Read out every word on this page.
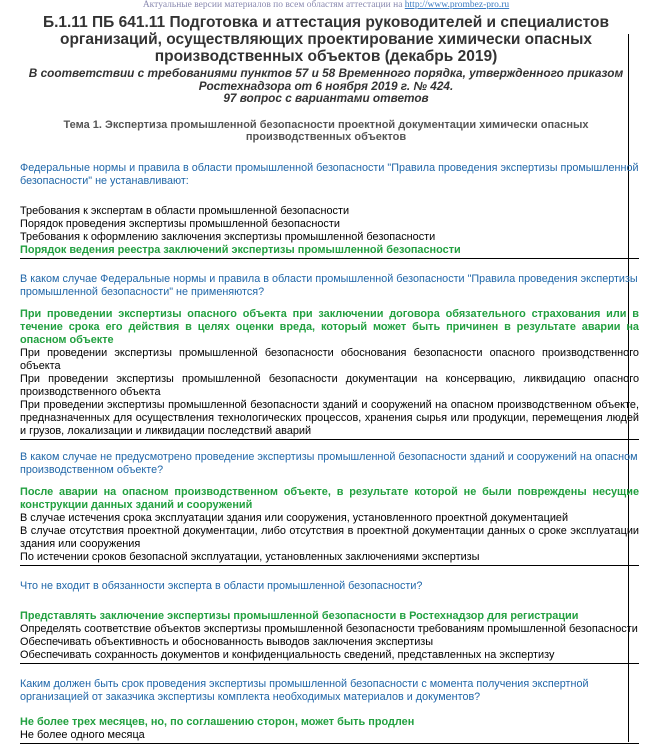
Актуальные версии материалов по всем областям аттестации на http://www.prombez-pro.ru
Б.1.11 ПБ 641.11 Подготовка и аттестация руководителей и специалистов организаций, осуществляющих проектирование химически опасных производственных объектов (декабрь 2019)
В соответствии с требованиями пунктов 57 и 58 Временного порядка, утвержденного приказом
Ростехнадзора от 6 ноября 2019 г. № 424.
97 вопрос с вариантами ответов
Тема 1. Экспертиза промышленной безопасности проектной документации химически опасных производственных объектов

Федеральные нормы и правила в области промышленной безопасности "Правила проведения экспертизы промышленной безопасности" не устанавливают:

Требования к экспертам в области промышленной безопасности
Порядок проведения экспертизы промышленной безопасности
Требования к оформлению заключения экспертизы промышленной безопасности
Порядок ведения реестра заключений экспертизы промышленной безопасности

В каком случае Федеральные нормы и правила в области промышленной безопасности "Правила проведения экспертизы промышленной безопасности" не применяются?

При проведении экспертизы опасного объекта при заключении договора обязательного страхования или в течение срока его действия в целях оценки вреда, который может быть причинен в результате аварии на опасном объекте
При проведении экспертизы промышленной безопасности обоснования безопасности опасного производственного объекта
При проведении экспертизы промышленной безопасности документации на консервацию, ликвидацию опасного производственного объекта
При проведении экспертизы промышленной безопасности зданий и сооружений на опасном производственном объекте, предназначенных для осуществления технологических процессов, хранения сырья или продукции, перемещения людей и грузов, локализации и ликвидации последствий аварий

В каком случае не предусмотрено проведение экспертизы промышленной безопасности зданий и сооружений на опасном производственном объекте?

После аварии на опасном производственном объекте, в результате которой не были повреждены несущие конструкции данных зданий и сооружений
В случае истечения срока эксплуатации здания или сооружения, установленного проектной документацией
В случае отсутствия проектной документации, либо отсутствия в проектной документации данных о сроке эксплуатации здания или сооружения
По истечении сроков безопасной эксплуатации, установленных заключениями экспертизы

Что не входит в обязанности эксперта в области промышленной безопасности?

Представлять заключение экспертизы промышленной безопасности в Ростехнадзор для регистрации
Определять соответствие объектов экспертизы промышленной безопасности требованиям промышленной безопасности
Обеспечивать объективность и обоснованность выводов заключения экспертизы
Обеспечивать сохранность документов и конфиденциальность сведений, представленных на экспертизу

Каким должен быть срок проведения экспертизы промышленной безопасности с момента получения экспертной организацией от заказчика экспертизы комплекта необходимых материалов и документов?

Не более трех месяцев, но, по соглашению сторон, может быть продлен
Не более одного месяца
